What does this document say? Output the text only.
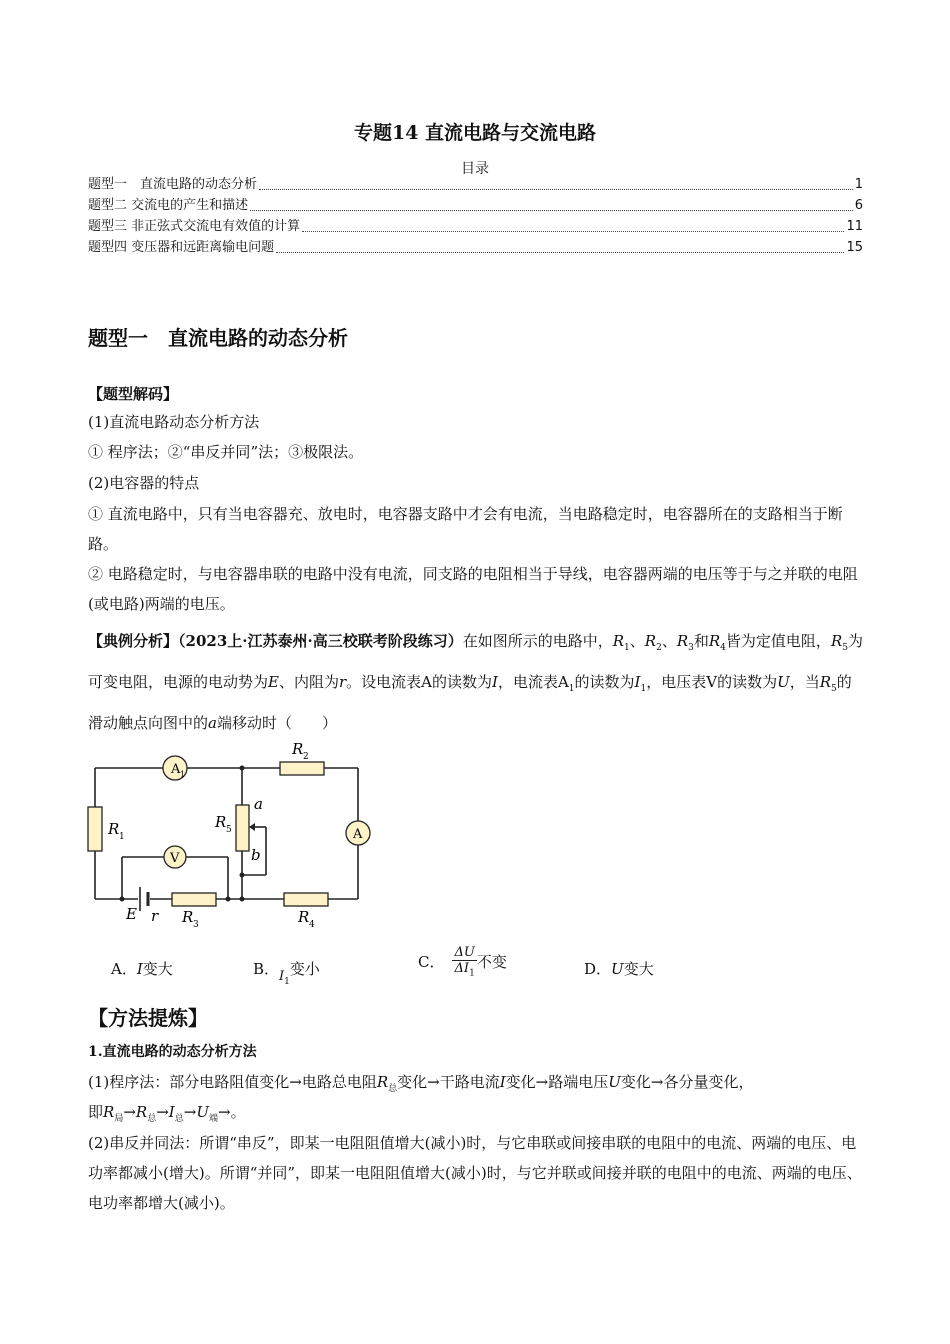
专题14 直流电路与交流电路
目录
题型一　直流电路的动态分析	1
题型二 交流电的产生和描述	6
题型三 非正弦式交流电有效值的计算	11
题型四 变压器和远距离输电问题	15
题型一　直流电路的动态分析
【题型解码】
(1)直流电路动态分析方法
① 程序法；②“串反并同”法；③极限法。
(2)电容器的特点
① 直流电路中，只有当电容器充、放电时，电容器支路中才会有电流，当电路稳定时，电容器所在的支路相当于断路。
② 电路稳定时，与电容器串联的电路中没有电流，同支路的电阻相当于导线，电容器两端的电压等于与之并联的电阻(或电路)两端的电压。
【典例分析】（2023上·江苏泰州·高三校联考阶段练习）在如图所示的电路中，$R_1$、$R_2$、$R_3$和$R_4$皆为定值电阻，$R_5$为可变电阻，电源的电动势为E、内阻为r。设电流表A的读数为I，电流表$A_1$的读数为$I_1$，电压表V的读数为U，当$R_5$的滑动触点向图中的a端移动时（　　）
A 1
A
V
R 1
R 2
R 5
a
b
E r R 3	R 4
A．I变大	B．$I_1$变小	C． $\frac{\Delta U}{\Delta I_1}$ 不变	D．U变大
【方法提炼】
1.直流电路的动态分析方法
(1)程序法：部分电路阻值变化→电路总电阻$R_总$变化→干路电流I变化→路端电压U变化→各分量变化，
即$R_局\to R_总\to I_总\to U_端\to$。
(2)串反并同法：所谓“串反”，即某一电阻阻值增大(减小)时，与它串联或间接串联的电阻中的电流、两端的电压、电功率都减小(增大)。所谓“并同”，即某一电阻阻值增大(减小)时，与它并联或间接并联的电阻中的电流、两端的电压、电功率都增大(减小)。
